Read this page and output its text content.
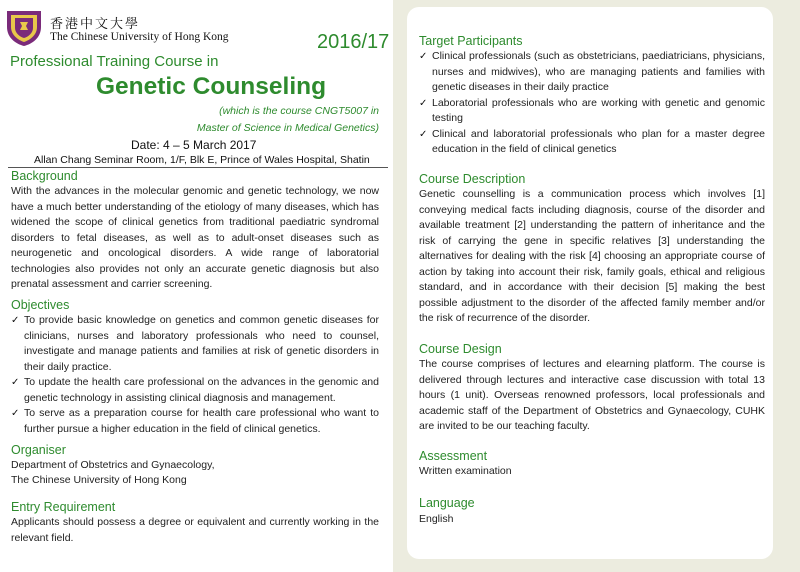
香港中文大學
The Chinese University of Hong Kong	2016/17
Professional Training Course in
Genetic Counseling
(which is the course CNGT5007 in
Master of Science in Medical Genetics)
Date: 4 – 5 March 2017
Allan Chang Seminar Room, 1/F, Blk E, Prince of Wales Hospital, Shatin
Background
With the advances in the molecular genomic and genetic technology, we now have a much better understanding of the etiology of many diseases, which has widened the scope of clinical genetics from traditional paediatric syndromal disorders to fetal diseases, as well as to adult-onset diseases such as neurogenetic and oncological disorders. A wide range of laboratorial technologies also provides not only an accurate genetic diagnosis but also prenatal assessment and carrier screening.
Objectives
✓ To provide basic knowledge on genetics and common genetic diseases for clinicians, nurses and laboratory professionals who need to counsel, investigate and manage patients and families at risk of genetic disorders in their daily practice.
✓ To update the health care professional on the advances in the genomic and genetic technology in assisting clinical diagnosis and management.
✓ To serve as a preparation course for health care professional who want to further pursue a higher education in the field of clinical genetics.
Organiser
Department of Obstetrics and Gynaecology,
The Chinese University of Hong Kong
Entry Requirement
Applicants should possess a degree or equivalent and currently working in the relevant field.
Target Participants
✓ Clinical professionals (such as obstetricians, paediatricians, physicians, nurses and midwives), who are managing patients and families with genetic diseases in their daily practice
✓ Laboratorial professionals who are working with genetic and genomic testing
✓ Clinical and laboratorial professionals who plan for a master degree education in the field of clinical genetics
Course Description
Genetic counselling is a communication process which involves [1] conveying medical facts including diagnosis, course of the disorder and available treatment [2] understanding the pattern of inheritance and the risk of carrying the gene in specific relatives [3] understanding the alternatives for dealing with the risk [4] choosing an appropriate course of action by taking into account their risk, family goals, ethical and religious standard, and in accordance with their decision [5] making the best possible adjustment to the disorder of the affected family member and/or the risk of recurrence of the disorder.
Course Design
The course comprises of lectures and elearning platform. The course is delivered through lectures and interactive case discussion with total 13 hours (1 unit). Overseas renowned professors, local professionals and academic staff of the Department of Obstetrics and Gynaecology, CUHK are invited to be our teaching faculty.
Assessment
Written examination
Language
English
